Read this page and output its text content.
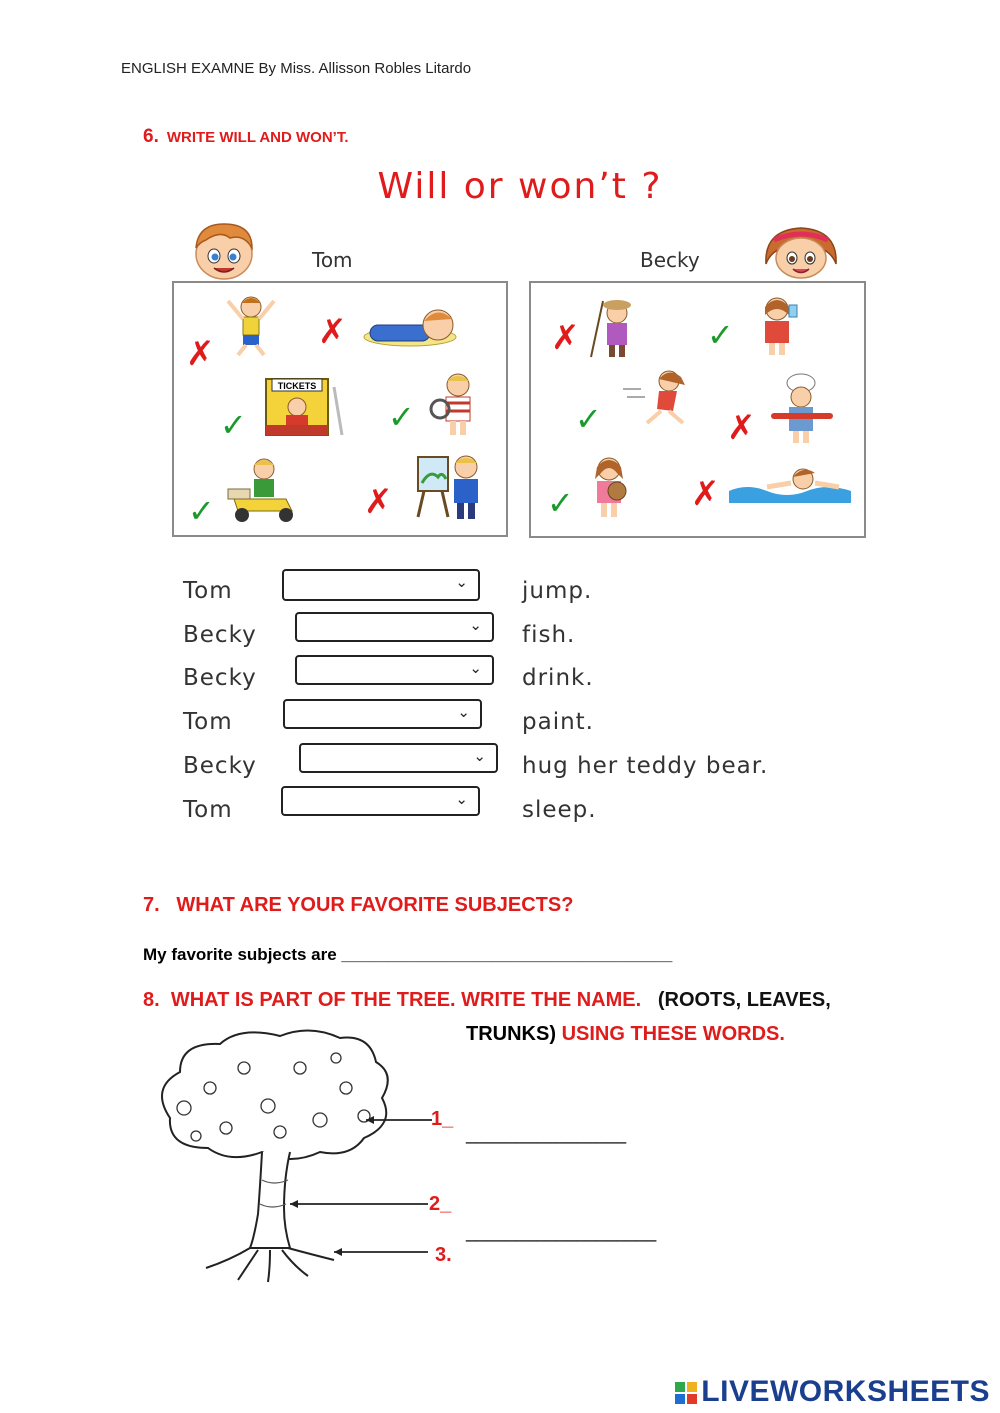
ENGLISH EXAMNE By Miss. Allisson Robles Litardo
6. WRITE WILL AND WON’T.
Will or won’t ?
Tom	Becky
✗
✗
✓
TICKETS
✓
✓	✗
✗	✓
✓	✗
✓	✗
Tom	⌄ jump.
Becky	⌄ fish.
Becky	⌄ drink.
Tom	⌄ paint.
Becky	⌄ hug her teddy bear.
Tom	⌄ sleep.
7. WHAT ARE YOUR FAVORITE SUBJECTS?
My favorite subjects are ___________________________________
8. WHAT IS PART OF THE TREE. WRITE THE NAME. (ROOTS, LEAVES,
TRUNKS) USING THESE WORDS.
1_
2_
3.
________________
___________________
LIVEWORKSHEETS
